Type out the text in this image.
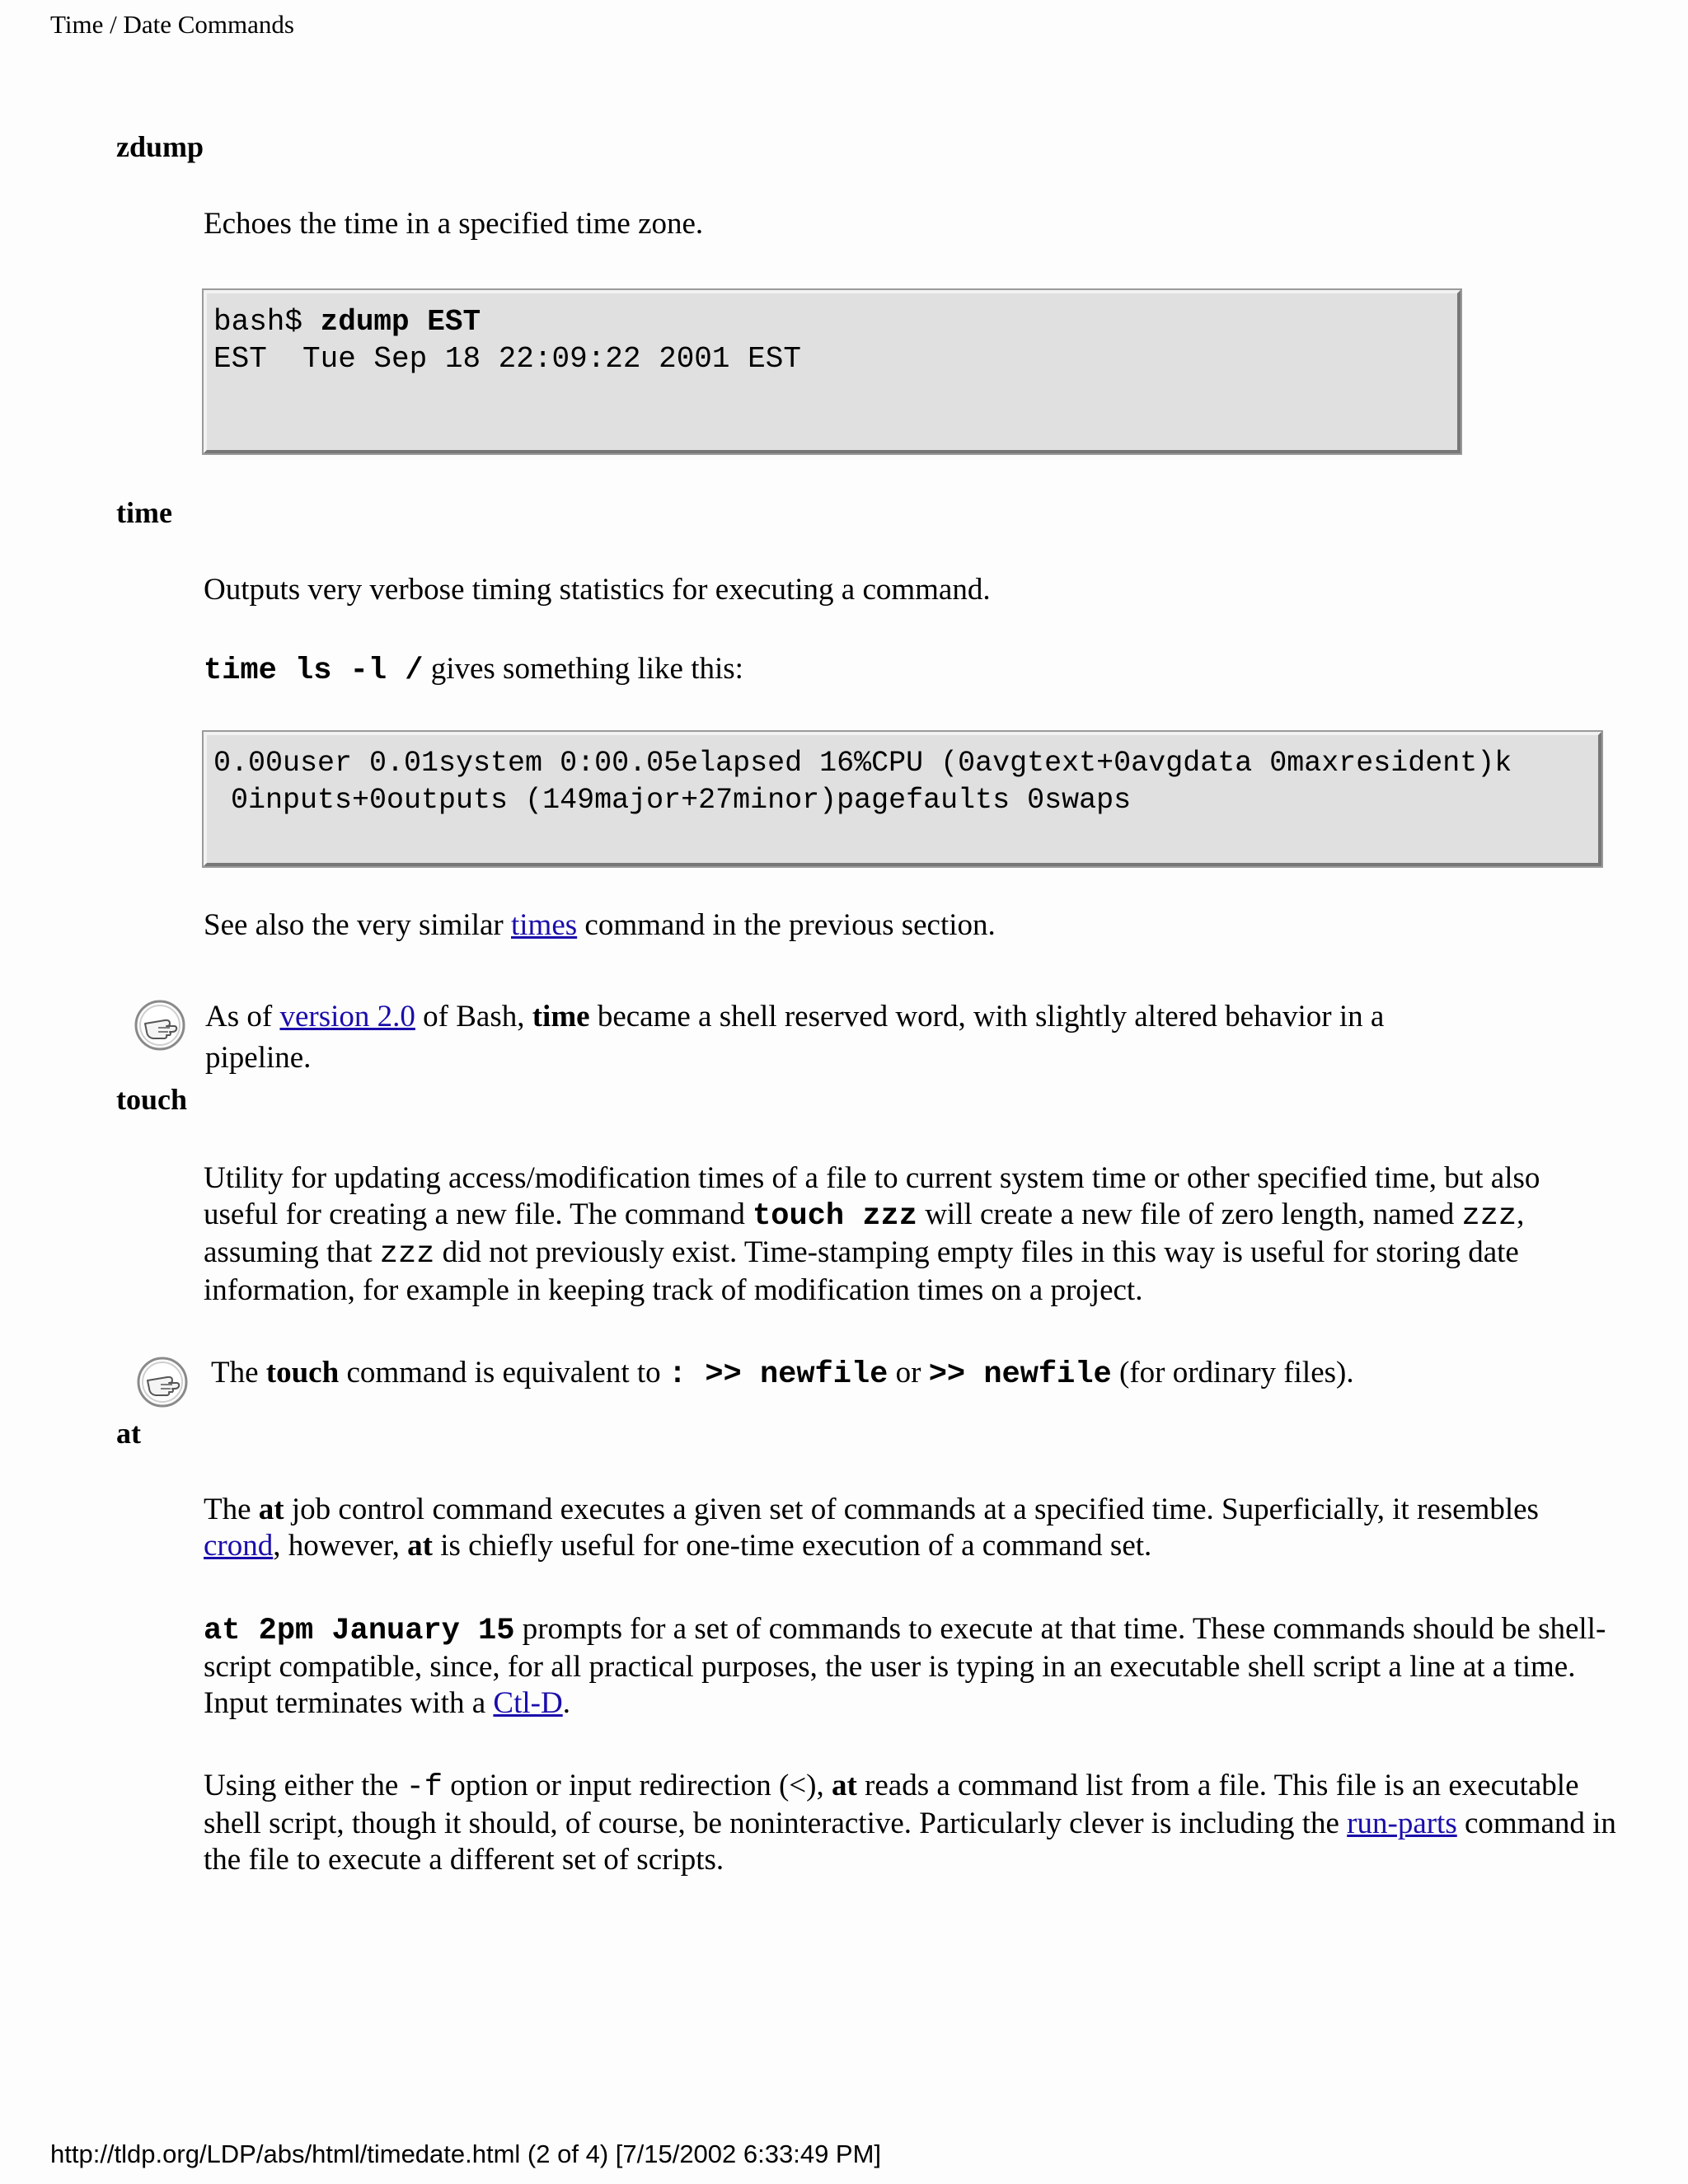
Time / Date Commands
zdump
Echoes the time in a specified time zone.
bash$ zdump EST
EST  Tue Sep 18 22:09:22 2001 EST
time
Outputs very verbose timing statistics for executing a command.
time ls -l / gives something like this:
0.00user 0.01system 0:00.05elapsed 16%CPU (0avgtext+0avgdata 0maxresident)k
0inputs+0outputs (149major+27minor)pagefaults 0swaps
See also the very similar times command in the previous section.
As of version 2.0 of Bash, time became a shell reserved word, with slightly altered behavior in a pipeline.
touch
Utility for updating access/modification times of a file to current system time or other specified time, but also useful for creating a new file. The command touch zzz will create a new file of zero length, named zzz, assuming that zzz did not previously exist. Time-stamping empty files in this way is useful for storing date information, for example in keeping track of modification times on a project.
The touch command is equivalent to : >> newfile or >> newfile (for ordinary files).
at
The at job control command executes a given set of commands at a specified time. Superficially, it resembles crond, however, at is chiefly useful for one-time execution of a command set.
at 2pm January 15 prompts for a set of commands to execute at that time. These commands should be shell-script compatible, since, for all practical purposes, the user is typing in an executable shell script a line at a time. Input terminates with a Ctl-D.
Using either the -f option or input redirection (<), at reads a command list from a file. This file is an executable shell script, though it should, of course, be noninteractive. Particularly clever is including the run-parts command in the file to execute a different set of scripts.
http://tldp.org/LDP/abs/html/timedate.html (2 of 4) [7/15/2002 6:33:49 PM]
